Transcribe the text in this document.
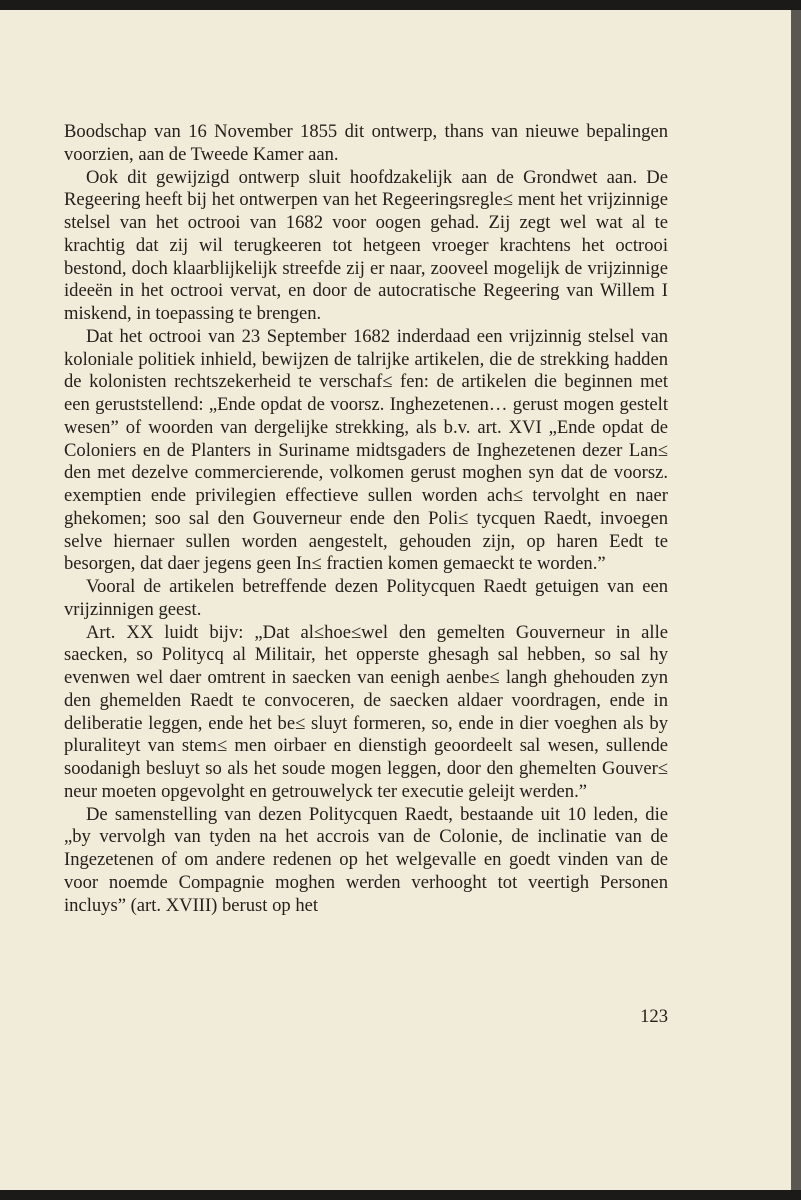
Boodschap van 16 November 1855 dit ontwerp, thans van nieuwe bepalingen voorzien, aan de Tweede Kamer aan.

Ook dit gewijzigd ontwerp sluit hoofdzakelijk aan de Grondwet aan. De Regeering heeft bij het ontwerpen van het Regeeringsregle≤ ment het vrijzinnige stelsel van het octrooi van 1682 voor oogen gehad. Zij zegt wel wat al te krachtig dat zij wil terugkeeren tot hetgeen vroeger krachtens het octrooi bestond, doch klaarblijkelijk streefde zij er naar, zooveel mogelijk de vrijzinnige ideeën in het octrooi vervat, en door de autocratische Regeering van Willem I miskend, in toepassing te brengen.

Dat het octrooi van 23 September 1682 inderdaad een vrijzinnig stelsel van koloniale politiek inhield, bewijzen de talrijke artikelen, die de strekking hadden de kolonisten rechtszekerheid te verschaf≤ fen: de artikelen die beginnen met een geruststellend: „Ende opdat de voorsz. Inghezetenen… gerust mogen gestelt wesen” of woorden van dergelijke strekking, als b.v. art. XVI „Ende opdat de Coloniers en de Planters in Suriname midtsgaders de Inghezetenen dezer Lan≤ den met dezelve commercierende, volkomen gerust moghen syn dat de voorsz. exemptien ende privilegien effectieve sullen worden ach≤ tervolght en naer ghekomen; soo sal den Gouverneur ende den Poli≤ tycquen Raedt, invoegen selve hiernaer sullen worden aengestelt, gehouden zijn, op haren Eedt te besorgen, dat daer jegens geen In≤ fractien komen gemaeckt te worden.”

Vooral de artikelen betreffende dezen Politycquen Raedt getuigen van een vrijzinnigen geest.

Art. XX luidt bijv: „Dat al≤hoe≤wel den gemelten Gouverneur in alle saecken, so Politycq al Militair, het opperste ghesagh sal hebben, so sal hy evenwen wel daer omtrent in saecken van eenigh aenbe≤ langh ghehouden zyn den ghemelden Raedt te convoceren, de saecken aldaer voordragen, ende in deliberatie leggen, ende het be≤ sluyt formeren, so, ende in dier voeghen als by pluraliteyt van stem≤ men oirbaer en dienstigh geoordeelt sal wesen, sullende soodanigh besluyt so als het soude mogen leggen, door den ghemelten Gouver≤ neur moeten opgevolght en getrouwelyck ter executie geleijt werden.”

De samenstelling van dezen Politycquen Raedt, bestaande uit 10 leden, die „by vervolgh van tyden na het accrois van de Colonie, de inclinatie van de Ingezetenen of om andere redenen op het welgevalle en goedt vinden van de voor noemde Compagnie moghen werden verhooght tot veertigh Personen incluys” (art. XVIII) berust op het

123
